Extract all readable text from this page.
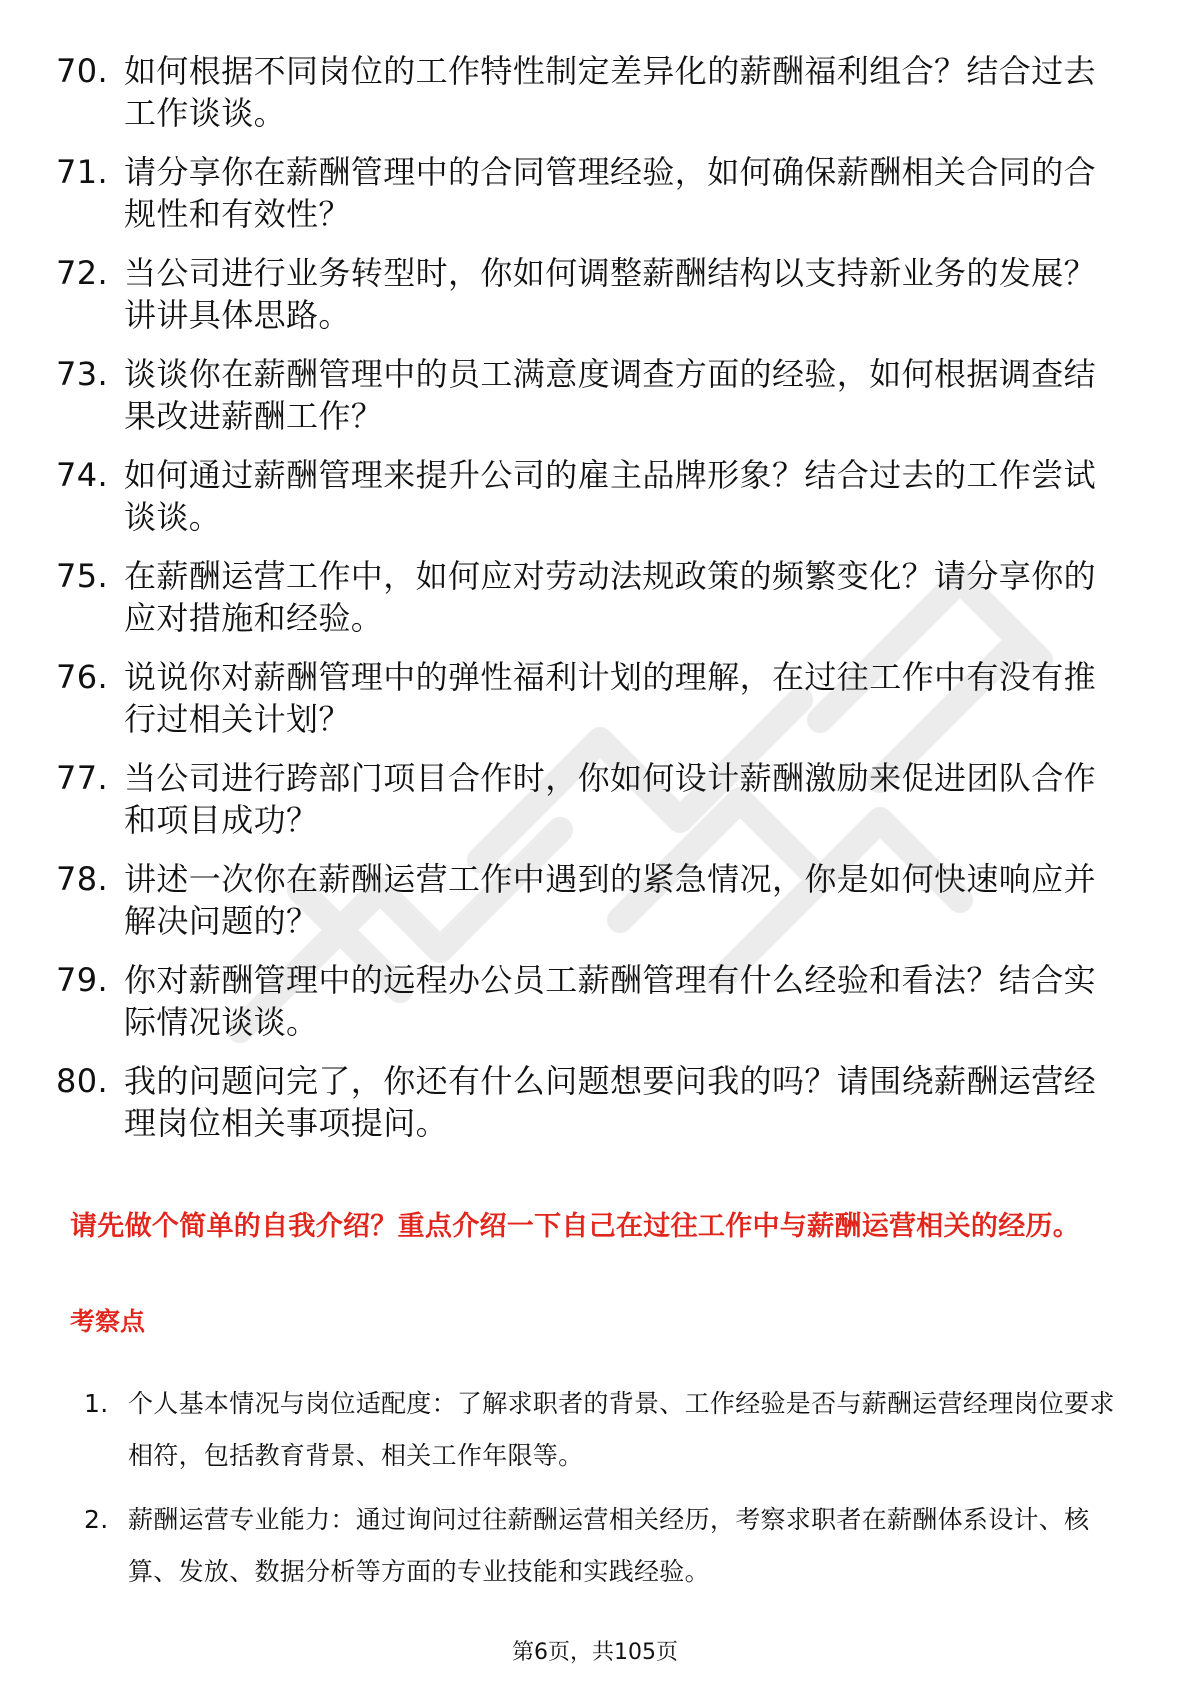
70. 如何根据不同岗位的工作特性制定差异化的薪酬福利组合？结合过去工作谈谈。
71. 请分享你在薪酬管理中的合同管理经验，如何确保薪酬相关合同的合规性和有效性？
72. 当公司进行业务转型时，你如何调整薪酬结构以支持新业务的发展？讲讲具体思路。
73. 谈谈你在薪酬管理中的员工满意度调查方面的经验，如何根据调查结果改进薪酬工作？
74. 如何通过薪酬管理来提升公司的雇主品牌形象？结合过去的工作尝试谈谈。
75. 在薪酬运营工作中，如何应对劳动法规政策的频繁变化？请分享你的应对措施和经验。
76. 说说你对薪酬管理中的弹性福利计划的理解，在过往工作中有没有推行过相关计划？
77. 当公司进行跨部门项目合作时，你如何设计薪酬激励来促进团队合作和项目成功？
78. 讲述一次你在薪酬运营工作中遇到的紧急情况，你是如何快速响应并解决问题的？
79. 你对薪酬管理中的远程办公员工薪酬管理有什么经验和看法？结合实际情况谈谈。
80. 我的问题问完了，你还有什么问题想要问我的吗？请围绕薪酬运营经理岗位相关事项提问。
请先做个简单的自我介绍？重点介绍一下自己在过往工作中与薪酬运营相关的经历。
考察点
1. 个人基本情况与岗位适配度：了解求职者的背景、工作经验是否与薪酬运营经理岗位要求相符，包括教育背景、相关工作年限等。
2. 薪酬运营专业能力：通过询问过往薪酬运营相关经历，考察求职者在薪酬体系设计、核算、发放、数据分析等方面的专业技能和实践经验。
第6页，共105页
